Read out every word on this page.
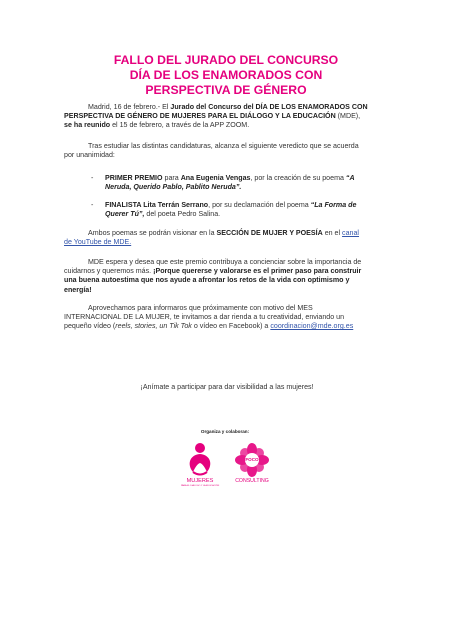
FALLO DEL JURADO DEL CONCURSO
DÍA DE LOS ENAMORADOS CON
PERSPECTIVA DE GÉNERO
Madrid, 16 de febrero.- El Jurado del Concurso del DÍA DE LOS ENAMORADOS CON
PERSPECTIVA DE GÉNERO DE MUJERES PARA EL DIÁLOGO Y LA EDUCACIÓN (MDE),
se ha reunido el 15 de febrero, a través de la APP ZOOM.
Tras estudiar las distintas candidaturas, alcanza el siguiente veredicto que se acuerda
por unanimidad:
- PRIMER PREMIO para Ana Eugenia Vengas, por la creación de su poema “A
Neruda, Querido Pablo, Pablito Neruda”.
- FINALISTA Lita Terrán Serrano, por su declamación del poema “La Forma de
Querer Tú”, del poeta Pedro Salina.
Ambos poemas se podrán visionar en la SECCIÓN DE MUJER Y POESÍA en el canal
de YouTube de MDE.
MDE espera y desea que este premio contribuya a concienciar sobre la importancia de
cuidarnos y queremos más. ¡Porque quererse y valorarse es el primer paso para construir
una buena autoestima que nos ayude a afrontar los retos de la vida con optimismo y
energía!
Aprovechamos para informaros que próximamente con motivo del MES
INTERNACIONAL DE LA MUJER, te invitamos a dar rienda a tu creatividad, enviando un
pequeño vídeo (reels, stories, un Tik Tok o vídeo en Facebook) a coordinacion@mde.org.es
¡Anímate a participar para dar visibilidad a las mujeres!
Organiza y colaboran:
MUJERES
PARA EL DIÁLOGO Y LA EDUCACIÓN
FOCO
CONSULTING
